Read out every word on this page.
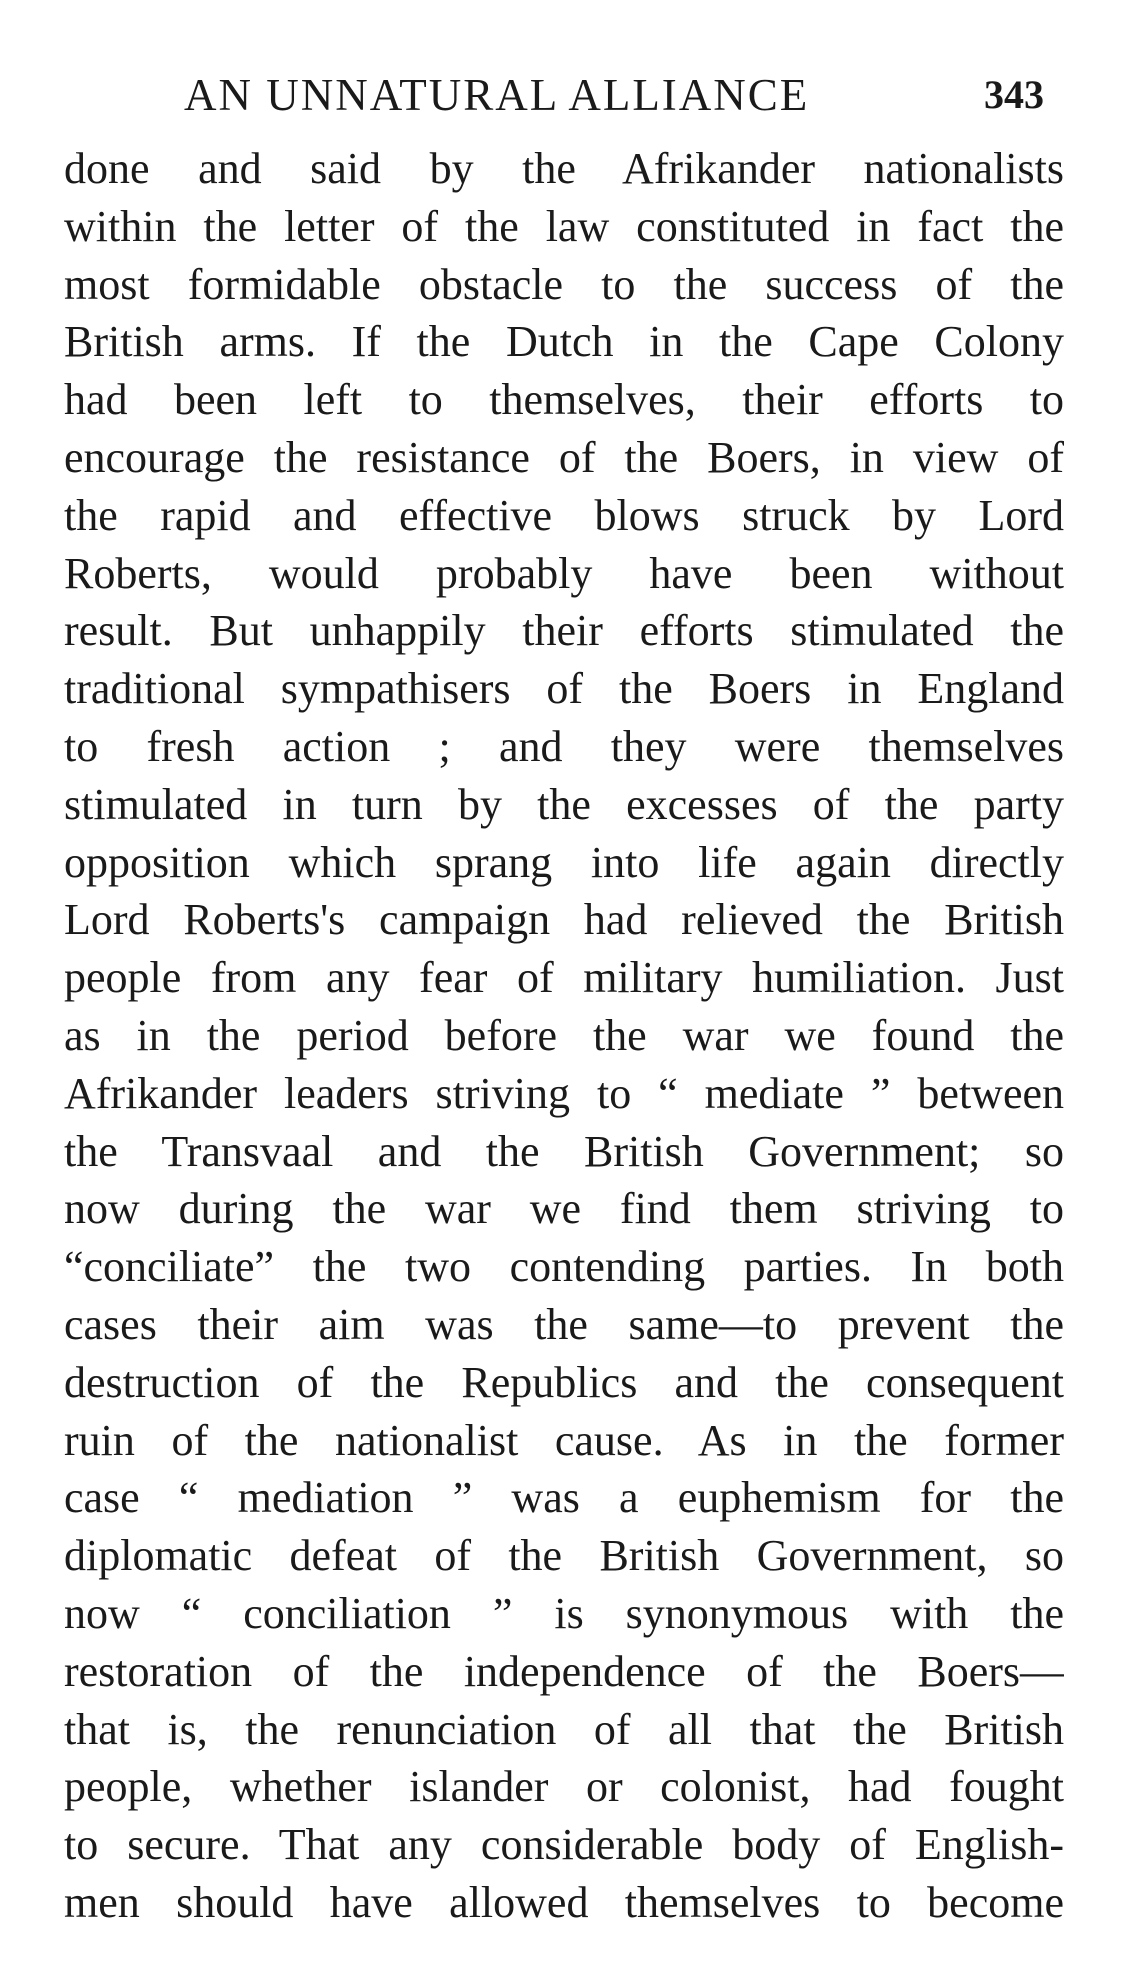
AN UNNATURAL ALLIANCE	343
done and said by the Afrikander nationalists
within the letter of the law constituted in fact the
most formidable obstacle to the success of the
British arms. If the Dutch in the Cape Colony
had been left to themselves, their efforts to
encourage the resistance of the Boers, in view of
the rapid and effective blows struck by Lord
Roberts, would probably have been without
result. But unhappily their efforts stimulated the
traditional sympathisers of the Boers in England
to fresh action ; and they were themselves
stimulated in turn by the excesses of the party
opposition which sprang into life again directly
Lord Roberts's campaign had relieved the British
people from any fear of military humiliation. Just
as in the period before the war we found the
Afrikander leaders striving to “ mediate ” between
the Transvaal and the British Government; so
now during the war we find them striving to
“conciliate” the two contending parties. In both
cases their aim was the same—to prevent the
destruction of the Republics and the consequent
ruin of the nationalist cause. As in the former
case “ mediation ” was a euphemism for the
diplomatic defeat of the British Government, so
now “ conciliation ” is synonymous with the
restoration of the independence of the Boers—
that is, the renunciation of all that the British
people, whether islander or colonist, had fought
to secure. That any considerable body of English-
men should have allowed themselves to become
